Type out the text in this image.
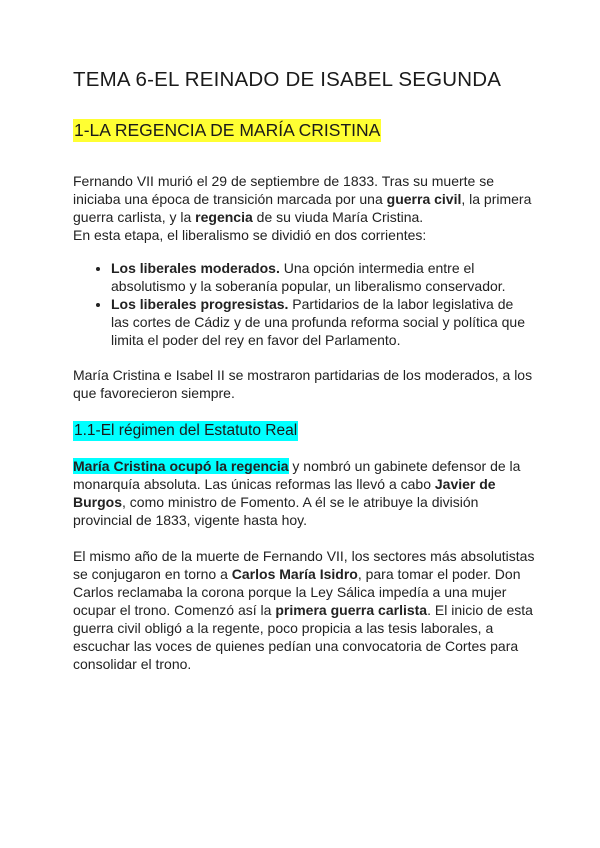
TEMA 6-EL REINADO DE ISABEL SEGUNDA
1-LA REGENCIA DE MARÍA CRISTINA

Fernando VII murió el 29 de septiembre de 1833. Tras su muerte se iniciaba una época de transición marcada por una guerra civil, la primera guerra carlista, y la regencia de su viuda María Cristina.

En esta etapa, el liberalismo se dividió en dos corrientes:

• Los liberales moderados. Una opción intermedia entre el absolutismo y la soberanía popular, un liberalismo conservador.
• Los liberales progresistas. Partidarios de la labor legislativa de las cortes de Cádiz y de una profunda reforma social y política que limita el poder del rey en favor del Parlamento.

María Cristina e Isabel II se mostraron partidarias de los moderados, a los que favorecieron siempre.

1.1-El régimen del Estatuto Real

María Cristina ocupó la regencia y nombró un gabinete defensor de la monarquía absoluta. Las únicas reformas las llevó a cabo Javier de Burgos, como ministro de Fomento. A él se le atribuye la división provincial de 1833, vigente hasta hoy.

El mismo año de la muerte de Fernando VII, los sectores más absolutistas se conjugaron en torno a Carlos María Isidro, para tomar el poder. Don Carlos reclamaba la corona porque la Ley Sálica impedía a una mujer ocupar el trono. Comenzó así la primera guerra carlista. El inicio de esta guerra civil obligó a la regente, poco propicia a las tesis laborales, a escuchar las voces de quienes pedían una convocatoria de Cortes para consolidar el trono.
